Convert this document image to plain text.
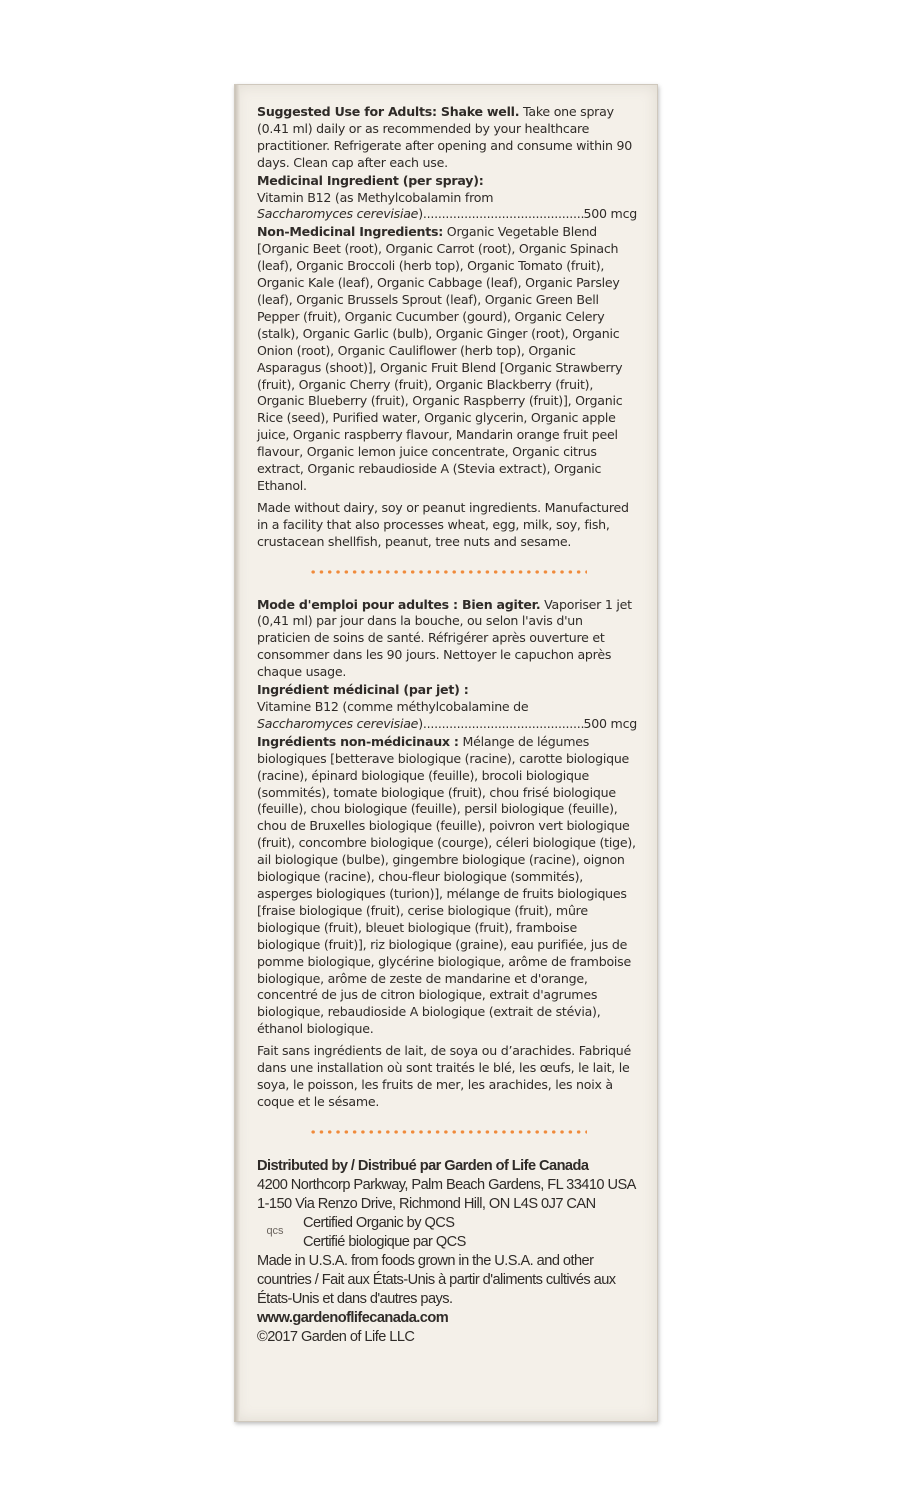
Suggested Use for Adults: Shake well. Take one spray (0.41 ml) daily or as recommended by your healthcare practitioner. Refrigerate after opening and consume within 90 days. Clean cap after each use.

Medicinal Ingredient (per spray):

Vitamin B12 (as Methylcobalamin from

Saccharomyces cerevisiae) .....	500 mcg

Non-Medicinal Ingredients: Organic Vegetable Blend [Organic Beet (root), Organic Carrot (root), Organic Spinach (leaf), Organic Broccoli (herb top), Organic Tomato (fruit), Organic Kale (leaf), Organic Cabbage (leaf), Organic Parsley (leaf), Organic Brussels Sprout (leaf), Organic Green Bell Pepper (fruit), Organic Cucumber (gourd), Organic Celery (stalk), Organic Garlic (bulb), Organic Ginger (root), Organic Onion (root), Organic Cauliflower (herb top), Organic Asparagus (shoot)], Organic Fruit Blend [Organic Strawberry (fruit), Organic Cherry (fruit), Organic Blackberry (fruit), Organic Blueberry (fruit), Organic Raspberry (fruit)], Organic Rice (seed), Purified water, Organic glycerin, Organic apple juice, Organic raspberry flavour, Mandarin orange fruit peel flavour, Organic lemon juice concentrate, Organic citrus extract, Organic rebaudioside A (Stevia extract), Organic Ethanol.

Made without dairy, soy or peanut ingredients. Manufactured in a facility that also processes wheat, egg, milk, soy, fish, crustacean shellfish, peanut, tree nuts and sesame.

Mode d'emploi pour adultes : Bien agiter. Vaporiser 1 jet (0,41 ml) par jour dans la bouche, ou selon l'avis d'un praticien de soins de santé. Réfrigérer après ouverture et consommer dans les 90 jours. Nettoyer le capuchon après chaque usage.

Ingrédient médicinal (par jet) :

Vitamine B12 (comme méthylcobalamine de

Saccharomyces cerevisiae) .....	500 mcg

Ingrédients non-médicinaux : Mélange de légumes biologiques [betterave biologique (racine), carotte biologique (racine), épinard biologique (feuille), brocoli biologique (sommités), tomate biologique (fruit), chou frisé biologique (feuille), chou biologique (feuille), persil biologique (feuille), chou de Bruxelles biologique (feuille), poivron vert biologique (fruit), concombre biologique (courge), céleri biologique (tige), ail biologique (bulbe), gingembre biologique (racine), oignon biologique (racine), chou-fleur biologique (sommités), asperges biologiques (turion)], mélange de fruits biologiques [fraise biologique (fruit), cerise biologique (fruit), mûre biologique (fruit), bleuet biologique (fruit), framboise biologique (fruit)], riz biologique (graine), eau purifiée, jus de pomme biologique, glycérine biologique, arôme de framboise biologique, arôme de zeste de mandarine et d'orange, concentré de jus de citron biologique, extrait d'agrumes biologique, rebaudioside A biologique (extrait de stévia), éthanol biologique.

Fait sans ingrédients de lait, de soya ou d’arachides. Fabriqué dans une installation où sont traités le blé, les œufs, le lait, le soya, le poisson, les fruits de mer, les arachides, les noix à coque et le sésame.

Distributed by / Distribué par Garden of Life Canada

4200 Northcorp Parkway, Palm Beach Gardens, FL 33410 USA

1-150 Via Renzo Drive, Richmond Hill, ON L4S 0J7 CAN

qcs

Certified Organic by QCS

Certifié biologique par QCS

Made in U.S.A. from foods grown in the U.S.A. and other countries / Fait aux États-Unis à partir d'aliments cultivés aux États-Unis et dans d'autres pays.

www.gardenoflifecanada.com

©2017 Garden of Life LLC
